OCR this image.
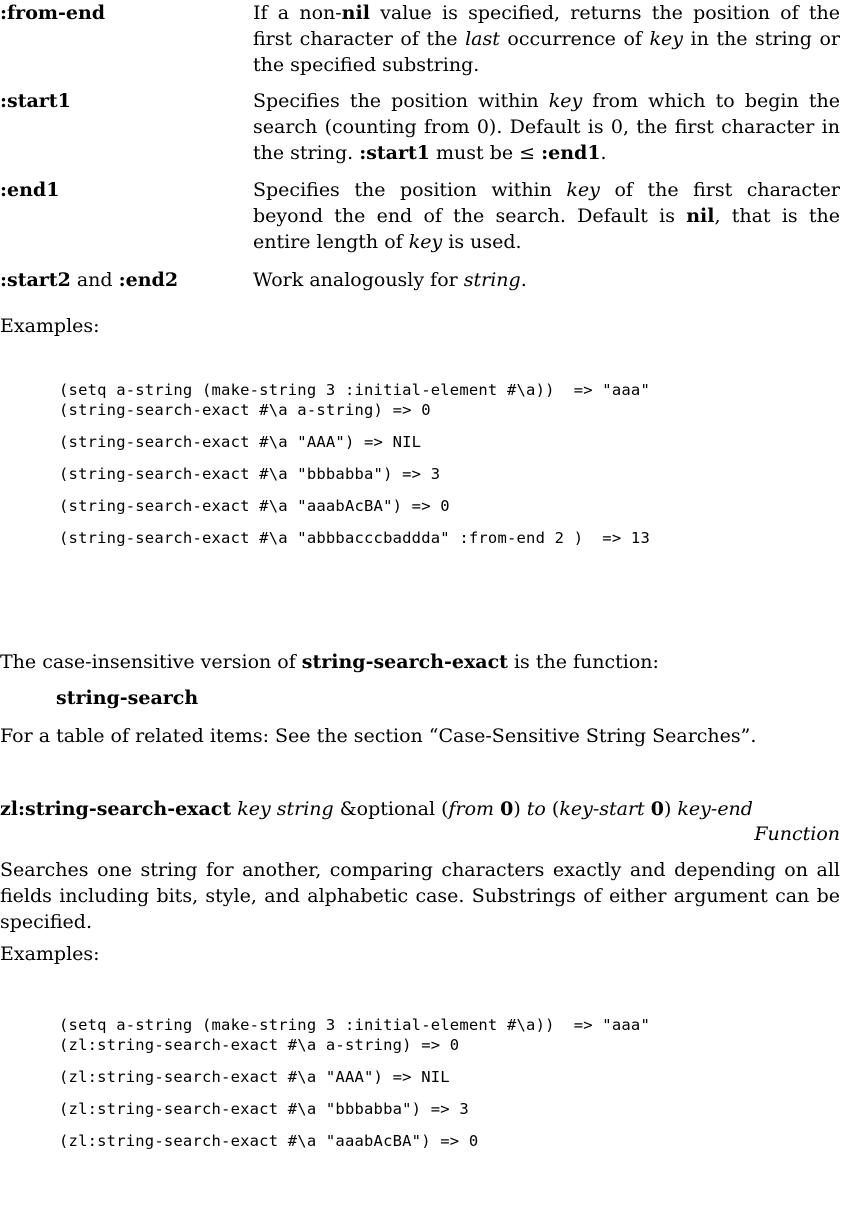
:from-end	If a non-nil value is specified, returns the position of the first character of the last occurrence of key in the string or the specified substring.
:start1	Specifies the position within key from which to begin the search (counting from 0). Default is 0, the first character in the string. :start1 must be ≤ :end1.
:end1	Specifies the position within key of the first character beyond the end of the search. Default is nil, that is the entire length of key is used.
:start2 and :end2	Work analogously for string.
Examples:
(setq a-string (make-string 3 :initial-element #\a))  => "aaa"
(string-search-exact #\a a-string) => 0
(string-search-exact #\a "AAA") => NIL
(string-search-exact #\a "bbbabba") => 3
(string-search-exact #\a "aaabAcBA") => 0
(string-search-exact #\a "abbbacccbaddda" :from-end 2 )  => 13
The case-insensitive version of string-search-exact is the function:
string-search
For a table of related items: See the section “Case-Sensitive String Searches”.
zl:string-search-exact key string &optional (from 0) to (key-start 0) key-end
Function
Searches one string for another, comparing characters exactly and depending on all fields including bits, style, and alphabetic case. Substrings of either argument can be specified.
Examples:
(setq a-string (make-string 3 :initial-element #\a))  => "aaa"
(zl:string-search-exact #\a a-string) => 0
(zl:string-search-exact #\a "AAA") => NIL
(zl:string-search-exact #\a "bbbabba") => 3
(zl:string-search-exact #\a "aaabAcBA") => 0
